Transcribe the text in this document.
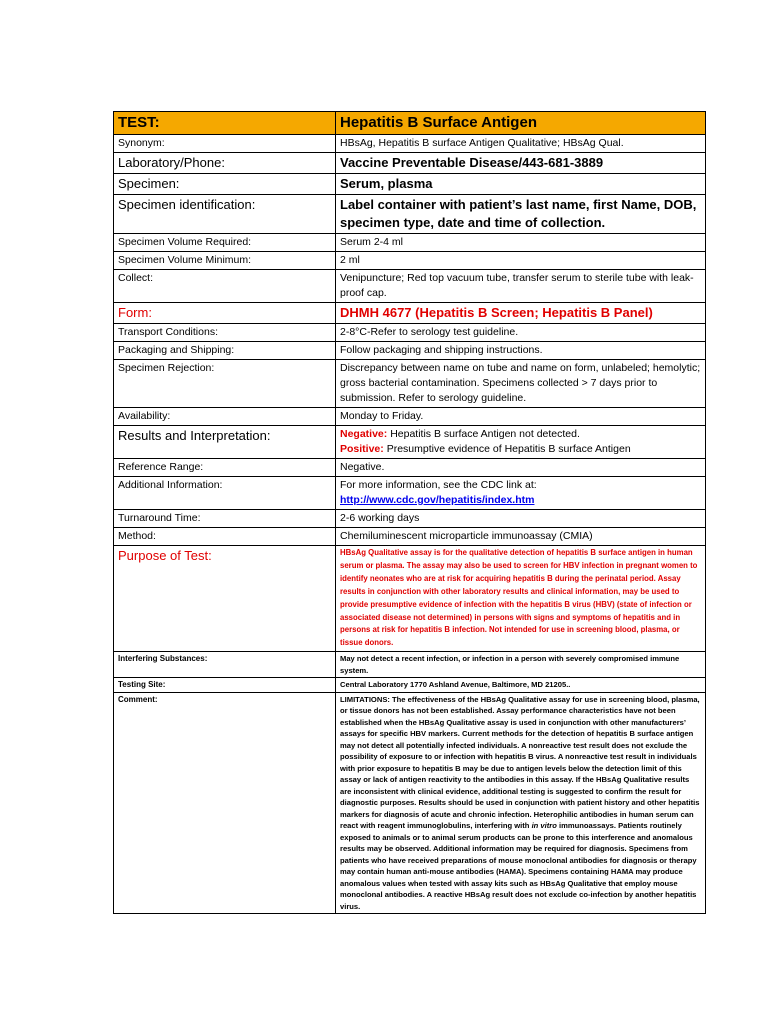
TEST:	Hepatitis B Surface Antigen
Synonym:	HBsAg, Hepatitis B surface Antigen Qualitative; HBsAg Qual.
Laboratory/Phone:	Vaccine Preventable Disease/443-681-3889
Specimen:	Serum, plasma
Specimen identification:	Label container with patient’s last name, first Name, DOB, specimen type, date and time of collection.
Specimen Volume Required:	Serum 2-4 ml
Specimen Volume Minimum:	2 ml
Collect:	Venipuncture; Red top vacuum tube, transfer serum to sterile tube with leak-proof cap.
Form:	DHMH 4677 (Hepatitis B Screen; Hepatitis B Panel)
Transport Conditions:	2-8°C-Refer to serology test guideline.
Packaging and Shipping:	Follow packaging and shipping instructions.
Specimen Rejection:	Discrepancy between name on tube and name on form, unlabeled; hemolytic; gross bacterial contamination. Specimens collected > 7 days prior to submission. Refer to serology guideline.
Availability:	Monday to Friday.
Results and Interpretation:	Negative: Hepatitis B surface Antigen not detected.
Positive: Presumptive evidence of Hepatitis B surface Antigen

Reference Range:	Negative.
Additional Information:	For more information, see the CDC link at:
http://www.cdc.gov/hepatitis/index.htm

Turnaround Time:	2-6 working days
Method:	Chemiluminescent microparticle immunoassay (CMIA)
Purpose of Test:	HBsAg Qualitative assay is for the qualitative detection of hepatitis B surface antigen in human serum or plasma. The assay may also be used to screen for HBV infection in pregnant women to identify neonates who are at risk for acquiring hepatitis B during the perinatal period. Assay results in conjunction with other laboratory results and clinical information, may be used to provide presumptive evidence of infection with the hepatitis B virus (HBV) (state of infection or associated disease not determined) in persons with signs and symptoms of hepatitis and in persons at risk for hepatitis B infection. Not intended for use in screening blood, plasma, or tissue donors.
Interfering Substances:	May not detect a recent infection, or infection in a person with severely compromised immune system.
Testing Site:	Central Laboratory 1770 Ashland Avenue, Baltimore, MD 21205..
Comment:	LIMITATIONS: The effectiveness of the HBsAg Qualitative assay for use in screening blood, plasma, or tissue donors has not been established. Assay performance characteristics have not been established when the HBsAg Qualitative assay is used in conjunction with other manufacturers’ assays for specific HBV markers. Current methods for the detection of hepatitis B surface antigen may not detect all potentially infected individuals. A nonreactive test result does not exclude the possibility of exposure to or infection with hepatitis B virus. A nonreactive test result in individuals with prior exposure to hepatitis B may be due to antigen levels below the detection limit of this assay or lack of antigen reactivity to the antibodies in this assay. If the HBsAg Qualitative results are inconsistent with clinical evidence, additional testing is suggested to confirm the result for diagnostic purposes. Results should be used in conjunction with patient history and other hepatitis markers for diagnosis of acute and chronic infection. Heterophilic antibodies in human serum can react with reagent immunoglobulins, interfering with in vitro immunoassays. Patients routinely exposed to animals or to animal serum products can be prone to this interference and anomalous results may be observed. Additional information may be required for diagnosis. Specimens from patients who have received preparations of mouse monoclonal antibodies for diagnosis or therapy may contain human anti-mouse antibodies (HAMA). Specimens containing HAMA may produce anomalous values when tested with assay kits such as HBsAg Qualitative that employ mouse monoclonal antibodies. A reactive HBsAg result does not exclude co-infection by another hepatitis virus.
